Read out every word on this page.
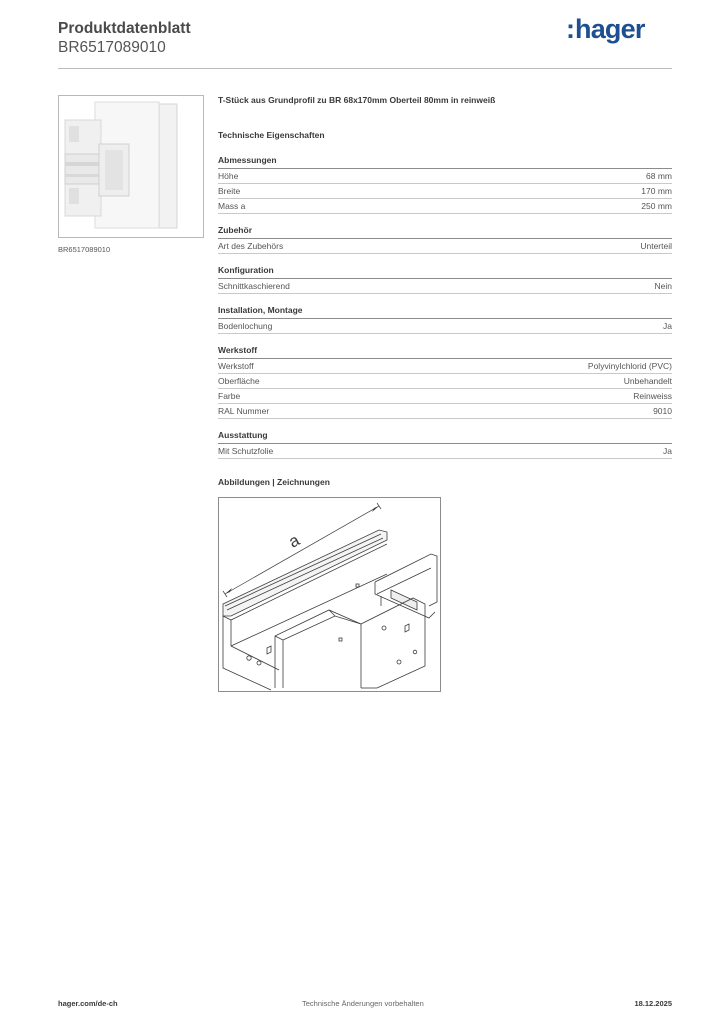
Produktdatenblatt
BR6517089010
:hager
BR6517089010
T-Stück aus Grundprofil zu BR 68x170mm Oberteil 80mm in reinweiß
Technische Eigenschaften
Abmessungen
Höhe	68 mm
Breite	170 mm
Mass a	250 mm
Zubehör
Art des Zubehörs	Unterteil
Konfiguration
Schnittkaschierend	Nein
Installation, Montage
Bodenlochung	Ja
Werkstoff
Werkstoff	Polyvinylchlorid (PVC)
Oberfläche	Unbehandelt
Farbe	Reinweiss
RAL Nummer	9010
Ausstattung
Mit Schutzfolie	Ja
Abbildungen | Zeichnungen
a
hager.com/de-ch	Technische Änderungen vorbehalten	18.12.2025
